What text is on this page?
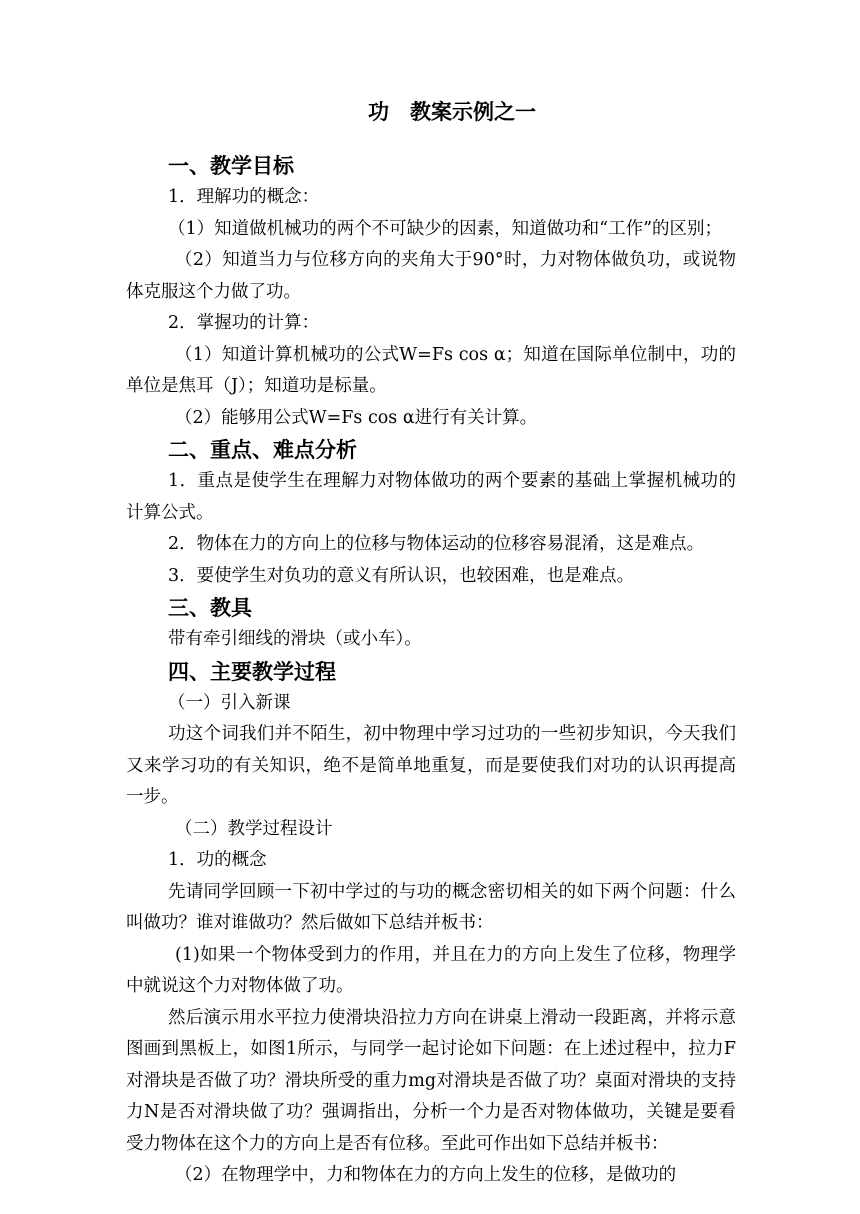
功　教案示例之一

一、教学目标

1．理解功的概念：

（1）知道做机械功的两个不可缺少的因素，知道做功和“工作”的区别；

（2）知道当力与位移方向的夹角大于90°时，力对物体做负功，或说物体克服这个力做了功。

2．掌握功的计算：

（1）知道计算机械功的公式W=Fs cos α；知道在国际单位制中，功的单位是焦耳（J）；知道功是标量。

（2）能够用公式W=Fs cos α进行有关计算。

二、重点、难点分析

1．重点是使学生在理解力对物体做功的两个要素的基础上掌握机械功的计算公式。

2．物体在力的方向上的位移与物体运动的位移容易混淆，这是难点。

3．要使学生对负功的意义有所认识，也较困难，也是难点。

三、教具

带有牵引细线的滑块（或小车）。

四、主要教学过程

（一）引入新课

功这个词我们并不陌生，初中物理中学习过功的一些初步知识，今天我们又来学习功的有关知识，绝不是简单地重复，而是要使我们对功的认识再提高一步。

（二）教学过程设计

1．功的概念

先请同学回顾一下初中学过的与功的概念密切相关的如下两个问题：什么叫做功？谁对谁做功？然后做如下总结并板书：

(1)如果一个物体受到力的作用，并且在力的方向上发生了位移，物理学中就说这个力对物体做了功。

然后演示用水平拉力使滑块沿拉力方向在讲桌上滑动一段距离，并将示意图画到黑板上，如图1所示，与同学一起讨论如下问题：在上述过程中，拉力F对滑块是否做了功？滑块所受的重力mg对滑块是否做了功？桌面对滑块的支持力N是否对滑块做了功？强调指出，分析一个力是否对物体做功，关键是要看受力物体在这个力的方向上是否有位移。至此可作出如下总结并板书：

（2）在物理学中，力和物体在力的方向上发生的位移，是做功的
